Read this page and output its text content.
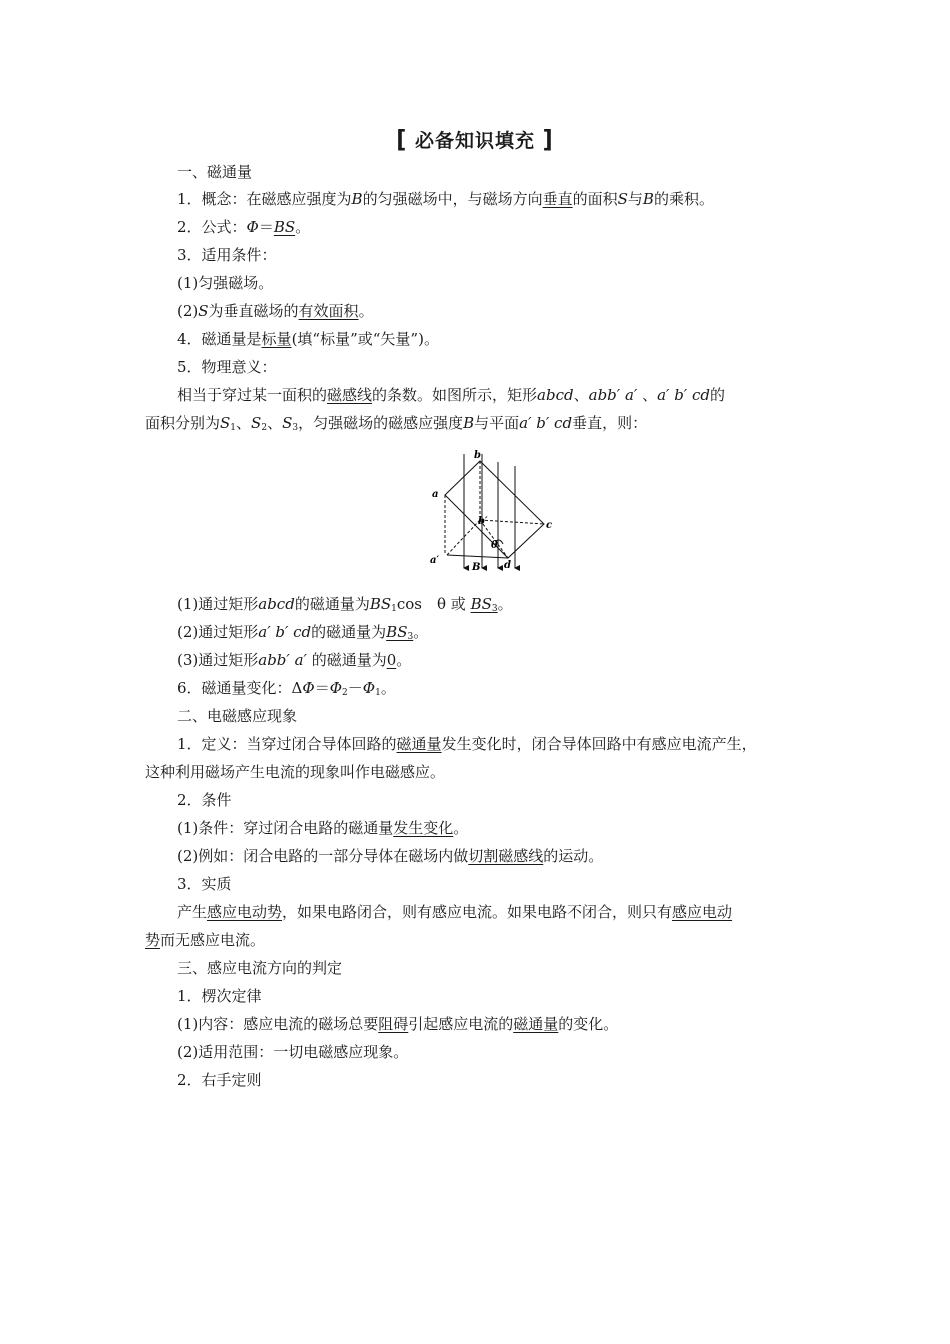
[ 必备知识填充 ]
一、磁通量
1．概念：在磁感应强度为B的匀强磁场中，与磁场方向垂直的面积S与B的乘积。
2．公式：Φ＝BS。
3．适用条件：
(1)匀强磁场。
(2)S为垂直磁场的有效面积。
4．磁通量是标量(填“标量”或“矢量”)。
5．物理意义：
相当于穿过某一面积的磁感线的条数。如图所示，矩形abcd、abb′ a′ 、a′ b′ cd的
面积分别为$S_1$、$S_2$、$S_3$，匀强磁场的磁感应强度B与平面a′ b′ cd垂直，则：
a
b
c
d
a′
b′
B
θ
(1)通过矩形abcd的磁通量为$BS_1\cos$　θ 或 $BS_3$。
(2)通过矩形a′ b′ cd的磁通量为$BS_3$。
(3)通过矩形abb′ a′ 的磁通量为0。
6．磁通量变化：$\Delta\Phi=\Phi_2-\Phi_1$。
二、电磁感应现象
1．定义：当穿过闭合导体回路的磁通量发生变化时，闭合导体回路中有感应电流产生，
这种利用磁场产生电流的现象叫作电磁感应。
2．条件
(1)条件：穿过闭合电路的磁通量发生变化。
(2)例如：闭合电路的一部分导体在磁场内做切割磁感线的运动。
3．实质
产生感应电动势，如果电路闭合，则有感应电流。如果电路不闭合，则只有感应电动
势而无感应电流。
三、感应电流方向的判定
1．楞次定律
(1)内容：感应电流的磁场总要阻碍引起感应电流的磁通量的变化。
(2)适用范围：一切电磁感应现象。
2．右手定则
